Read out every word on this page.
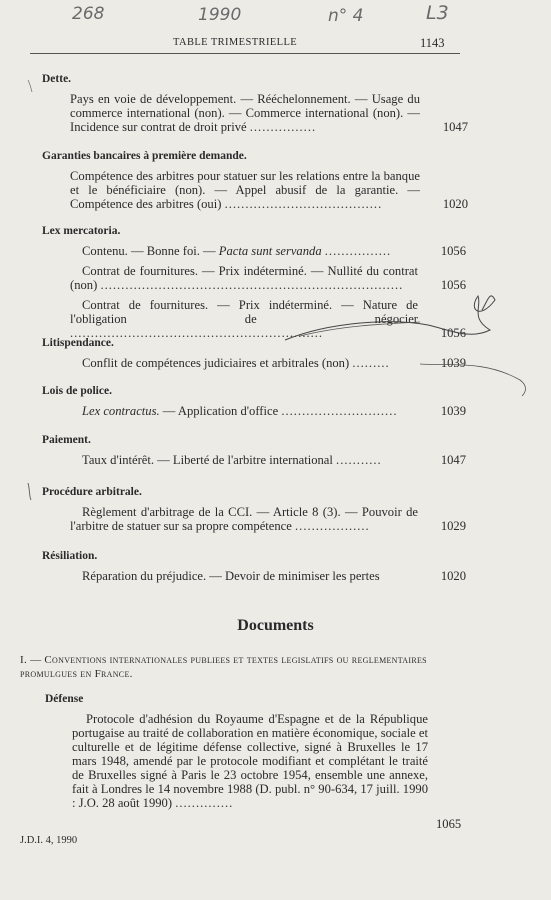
268	1990	n° 4	L3
TABLE TRIMESTRIELLE	1143
Dette.
Pays en voie de développement. — Rééchelonnement. — Usage du commerce international (non). — Commerce international (non). — Incidence sur contrat de droit privé ................	1047
Garanties bancaires à première demande.
Compétence des arbitres pour statuer sur les relations entre la banque et le bénéficiaire (non). — Appel abusif de la garantie. — Compétence des arbitres (oui) ......................................	1020
Lex mercatoria.
Contenu. — Bonne foi. — Pacta sunt servanda ................	1056
Contrat de fournitures. — Prix indéterminé. — Nullité du contrat (non) .........................................................................	1056
Contrat de fournitures. — Prix indéterminé. — Nature de l'obligation de négocier .............................................................	1056
Litispendance.
Conflit de compétences judiciaires et arbitrales (non) .........	1039
Lois de police.
Lex contractus. — Application d'office ............................	1039
Paiement.
Taux d'intérêt. — Liberté de l'arbitre international ...........	1047
Procédure arbitrale.
Règlement d'arbitrage de la CCI. — Article 8 (3). — Pouvoir de l'arbitre de statuer sur sa propre compétence ..................	1029
Résiliation.
Réparation du préjudice. — Devoir de minimiser les pertes	1020
Documents
I. — Conventions internationales publiees et textes legislatifs ou reglementaires promulgues en France.
Défense
Protocole d'adhésion du Royaume d'Espagne et de la République portugaise au traité de collaboration en matière économique, sociale et culturelle et de légitime défense collective, signé à Bruxelles le 17 mars 1948, amendé par le protocole modifiant et complétant le traité de Bruxelles signé à Paris le 23 octobre 1954, ensemble une annexe, fait à Londres le 14 novembre 1988 (D. publ. n° 90-634, 17 juill. 1990 : J.O. 28 août 1990) ..............
1065
J.D.I. 4, 1990
